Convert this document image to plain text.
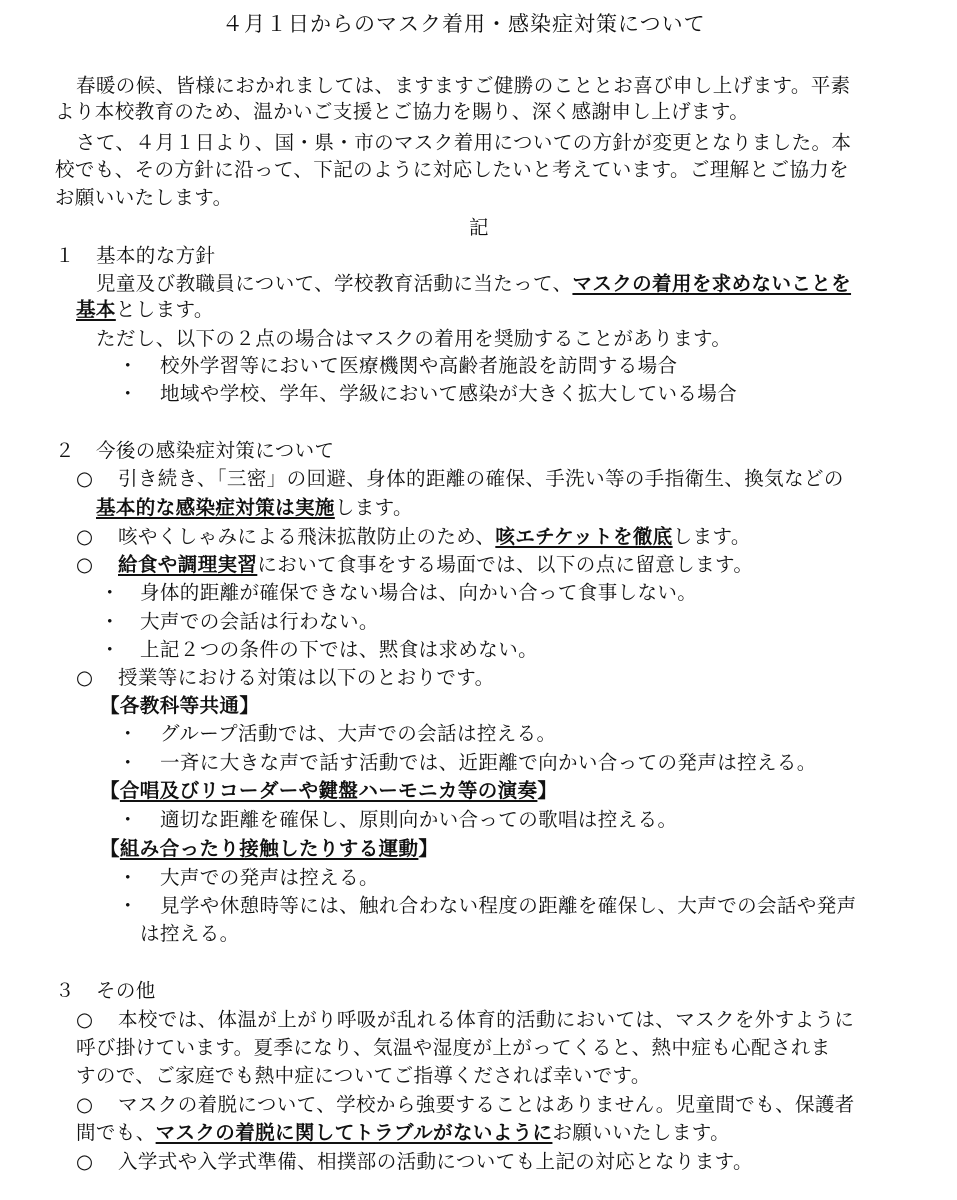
４月１日からのマスク着用・感染症対策について
春暖の候、皆様におかれましては、ますますご健勝のこととお喜び申し上げます。平素
より本校教育のため、温かいご支援とご協力を賜り、深く感謝申し上げます。
さて、４月１日より、国・県・市のマスク着用についての方針が変更となりました。本
校でも、その方針に沿って、下記のように対応したいと考えています。ご理解とご協力を
お願いいたします。
記
１ 基本的な方針
児童及び教職員について、学校教育活動に当たって、マスクの着用を求めないことを
基本とします。
ただし、以下の２点の場合はマスクの着用を奨励することがあります。
・ 校外学習等において医療機関や高齢者施設を訪問する場合
・ 地域や学校、学年、学級において感染が大きく拡大している場合
２ 今後の感染症対策について
○ 引き続き、「三密」の回避、身体的距離の確保、手洗い等の手指衛生、換気などの
基本的な感染症対策は実施します。
○ 咳やくしゃみによる飛沫拡散防止のため、咳エチケットを徹底します。
○ 給食や調理実習において食事をする場面では、以下の点に留意します。
・ 身体的距離が確保できない場合は、向かい合って食事しない。
・ 大声での会話は行わない。
・ 上記２つの条件の下では、黙食は求めない。
○ 授業等における対策は以下のとおりです。
【各教科等共通】
・ グループ活動では、大声での会話は控える。
・ 一斉に大きな声で話す活動では、近距離で向かい合っての発声は控える。
【合唱及びリコーダーや鍵盤ハーモニカ等の演奏】
・ 適切な距離を確保し、原則向かい合っての歌唱は控える。
【組み合ったり接触したりする運動】
・ 大声での発声は控える。
・ 見学や休憩時等には、触れ合わない程度の距離を確保し、大声での会話や発声
は控える。
３ その他
○ 本校では、体温が上がり呼吸が乱れる体育的活動においては、マスクを外すように
呼び掛けています。夏季になり、気温や湿度が上がってくると、熱中症も心配されま
すので、ご家庭でも熱中症についてご指導くだされば幸いです。
○ マスクの着脱について、学校から強要することはありません。児童間でも、保護者
間でも、マスクの着脱に関してトラブルがないようにお願いいたします。
○ 入学式や入学式準備、相撲部の活動についても上記の対応となります。
